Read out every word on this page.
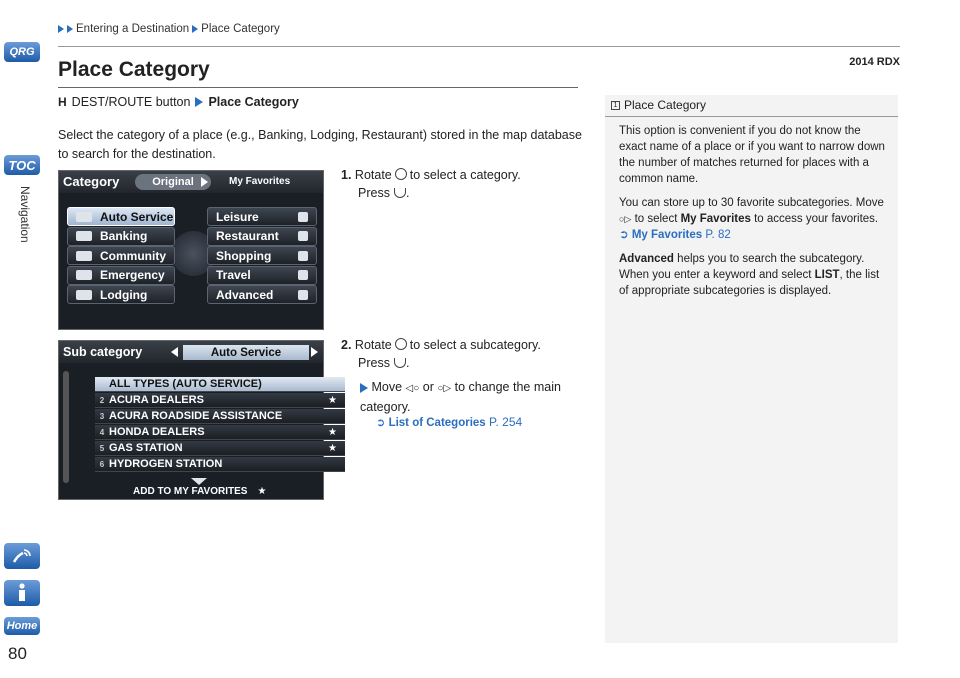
Entering a Destination Place Category
2014 RDX
QRG
TOC
Navigation
Home
80
Place Category
H DEST/ROUTE button Place Category
Select the category of a place (e.g., Banking, Lodging, Restaurant) stored in the map database to search for the destination.
Category	Original	My Favorites
Auto Service
Banking
Community
Emergency
Lodging
Leisure
Restaurant
Shopping
Travel
Advanced
1. Rotate to select a category.
Press .
Sub category	Auto Service
ALL TYPES (AUTO SERVICE)
2 ACURA DEALERS	★
3 ACURA ROADSIDE ASSISTANCE
4 HONDA DEALERS	★
5 GAS STATION	★
6 HYDROGEN STATION
ADD TO MY FAVORITES ★
2. Rotate to select a subcategory.
Press .
Move ◁○ or ○▷ to change the main category.
➲ List of Categories P. 254
1 Place Category

This option is convenient if you do not know the exact name of a place or if you want to narrow down the number of matches returned for places with a common name.

You can store up to 30 favorite subcategories. Move ○▷ to select My Favorites to access your favorites.
➲ My Favorites P. 82

Advanced helps you to search the subcategory. When you enter a keyword and select LIST, the list of appropriate subcategories is displayed.
